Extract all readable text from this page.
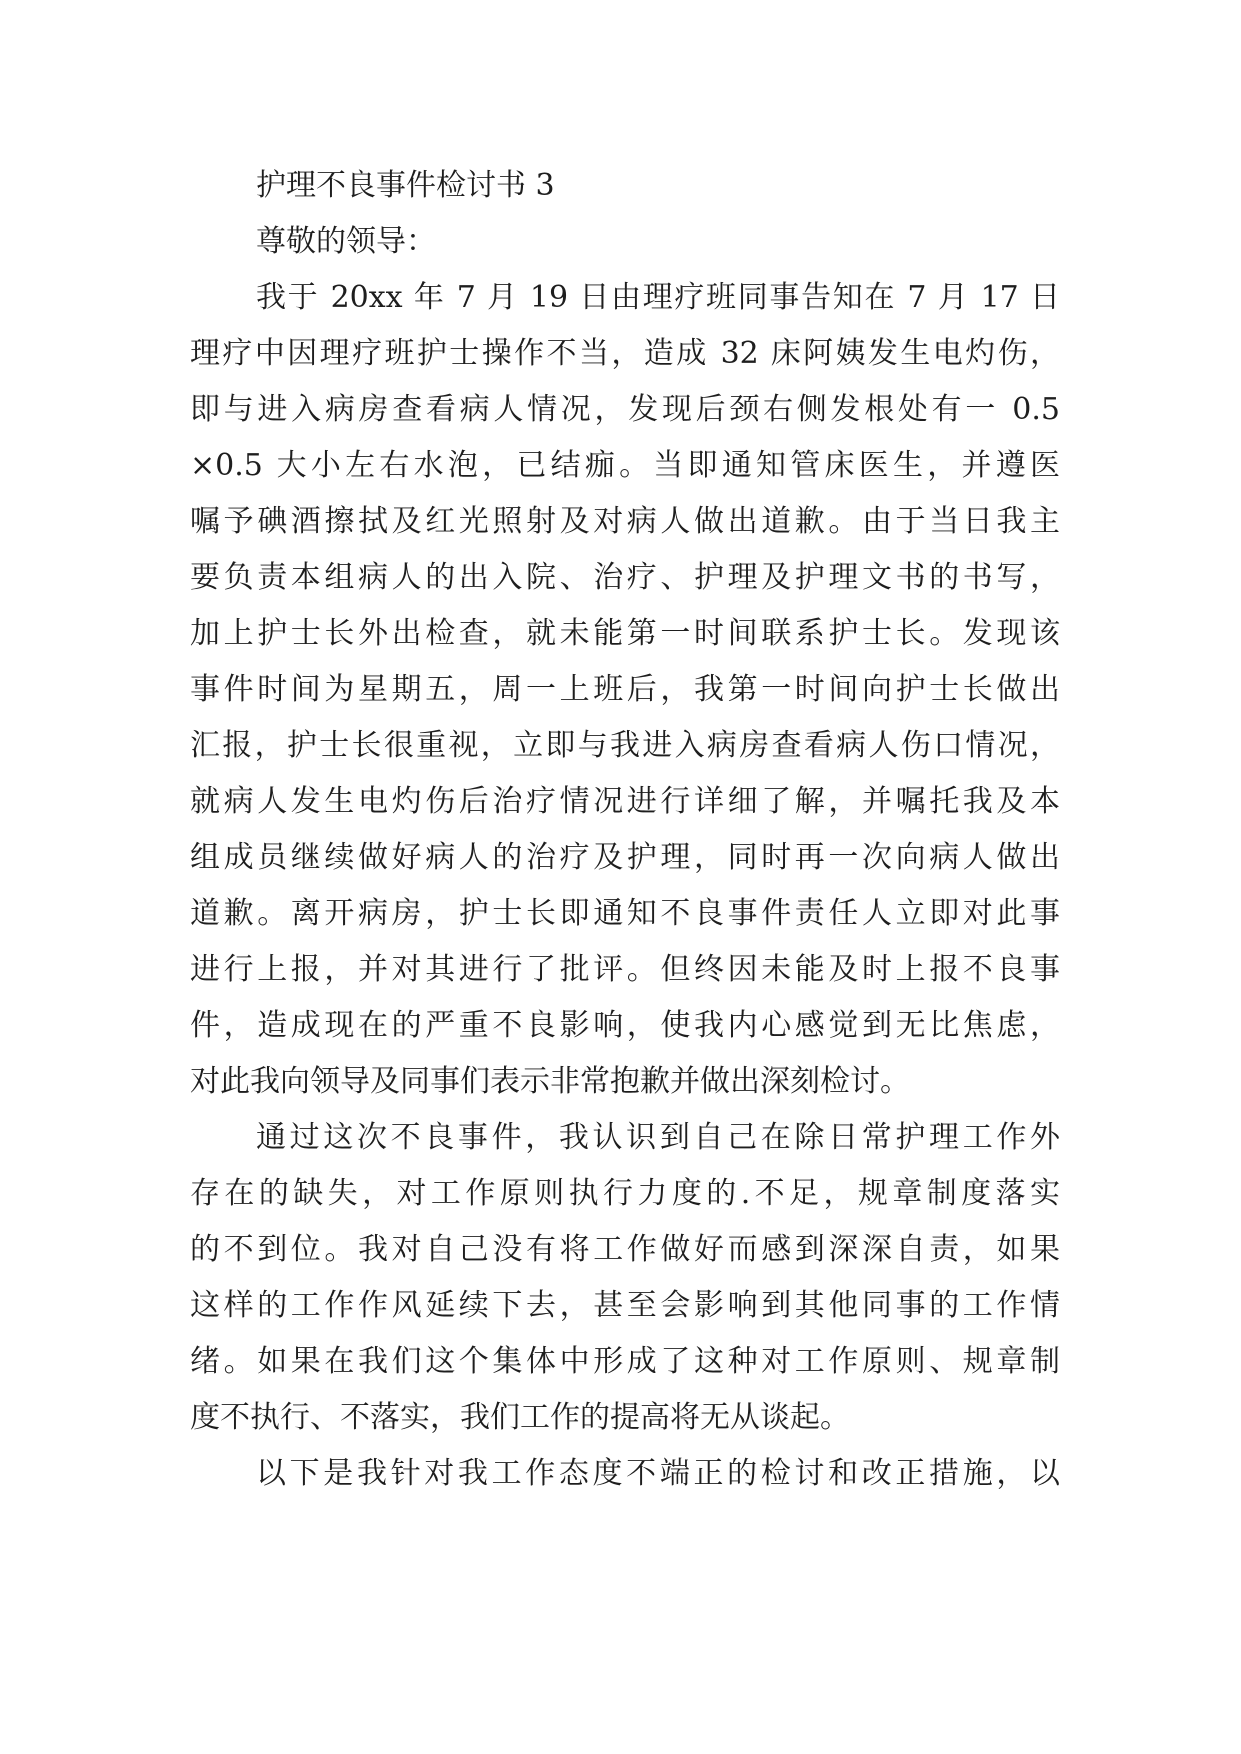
护理不良事件检讨书 3
尊敬的领导：
我于 20xx 年 7 月 19 日由理疗班同事告知在 7 月 17 日
理疗中因理疗班护士操作不当，造成 32 床阿姨发生电灼伤，
即与进入病房查看病人情况，发现后颈右侧发根处有一 0.5
×0.5 大小左右水泡，已结痂。当即通知管床医生，并遵医
嘱予碘酒擦拭及红光照射及对病人做出道歉。由于当日我主
要负责本组病人的出入院、治疗、护理及护理文书的书写，
加上护士长外出检查，就未能第一时间联系护士长。发现该
事件时间为星期五，周一上班后，我第一时间向护士长做出
汇报，护士长很重视，立即与我进入病房查看病人伤口情况，
就病人发生电灼伤后治疗情况进行详细了解，并嘱托我及本
组成员继续做好病人的治疗及护理，同时再一次向病人做出
道歉。离开病房，护士长即通知不良事件责任人立即对此事
进行上报，并对其进行了批评。但终因未能及时上报不良事
件，造成现在的严重不良影响，使我内心感觉到无比焦虑，
对此我向领导及同事们表示非常抱歉并做出深刻检讨。
通过这次不良事件，我认识到自己在除日常护理工作外
存在的缺失，对工作原则执行力度的.不足，规章制度落实
的不到位。我对自己没有将工作做好而感到深深自责，如果
这样的工作作风延续下去，甚至会影响到其他同事的工作情
绪。如果在我们这个集体中形成了这种对工作原则、规章制
度不执行、不落实，我们工作的提高将无从谈起。
以下是我针对我工作态度不端正的检讨和改正措施，以
